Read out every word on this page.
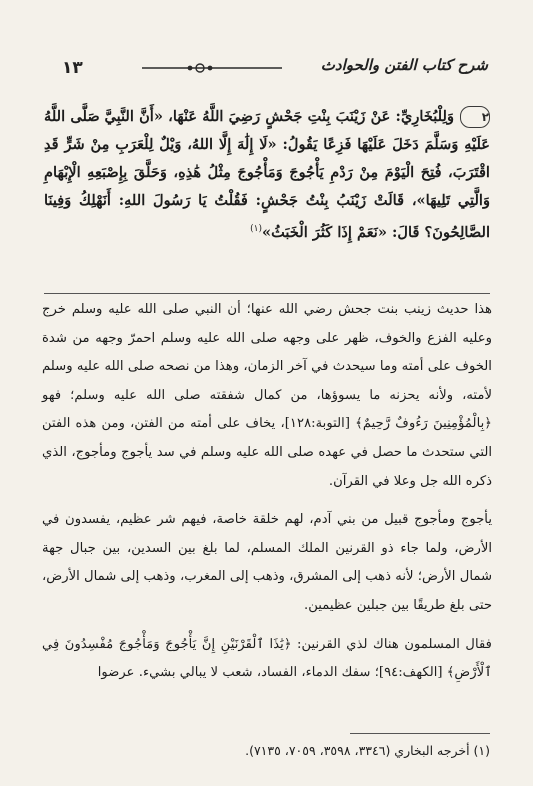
شرح كتاب الفتن والحوادث
١٣
٢وَلِلْبُخَارِيِّ: عَنْ زَيْنَبَ بِنْتِ جَحْشٍ رَضِيَ اللَّهُ عَنْهَا، «أَنَّ النَّبِيَّ صَلَّى اللَّهُ عَلَيْهِ وَسَلَّمَ دَخَلَ عَلَيْهَا فَزِعًا يَقُولُ: «لَا إِلَٰهَ إِلَّا اللهُ، وَيْلٌ لِلْعَرَبِ مِنْ شَرٍّ قَدِ اقْتَرَبَ، فُتِحَ الْيَوْمَ مِنْ رَدْمِ يَأْجُوجَ وَمَأْجُوجَ مِثْلُ هَٰذِهِ، وَحَلَّقَ بِإِصْبَعِهِ الْإِبْهَامِ وَالَّتِي تَلِيهَا»، قَالَتْ زَيْنَبُ بِنْتُ جَحْشٍ: فَقُلْتُ يَا رَسُولَ اللهِ: أَنَهْلِكُ وَفِينَا الصَّالِحُونَ؟ قَالَ: «نَعَمْ إِذَا كَثُرَ الْخَبَثُ»$^{(١)}$

هذا حديث زينب بنت جحش رضي الله عنها؛ أن النبي صلى الله عليه وسلم خرج وعليه الفزع والخوف، ظهر على وجهه صلى الله عليه وسلم احمرّ وجهه من شدة الخوف على أمته وما سيحدث في آخر الزمان، وهذا من نصحه صلى الله عليه وسلم لأمته، ولأنه يحزنه ما يسوؤها، من كمال شفقته صلى الله عليه وسلم؛ فهو ﴿بِالْمُؤْمِنِينَ رَءُوفٌ رَّحِيمٌ﴾ [التوبة:١٢٨]، يخاف على أمته من الفتن، ومن هذه الفتن التي ستحدث ما حصل في عهده صلى الله عليه وسلم في سد يأجوج ومأجوج، الذي ذكره الله جل وعلا في القرآن.

يأجوج ومأجوج قبيل من بني آدم، لهم خلقة خاصة، فيهم شر عظيم، يفسدون في الأرض، ولما جاء ذو القرنين الملك المسلم، لما بلغ بين السدين، بين جبال جهة شمال الأرض؛ لأنه ذهب إلى المشرق، وذهب إلى المغرب، وذهب إلى شمال الأرض، حتى بلغ طريقًا بين جبلين عظيمين.

فقال المسلمون هناك لذي القرنين: ﴿يَٰذَا ٱلْقَرْنَيْنِ إِنَّ يَأْجُوجَ وَمَأْجُوجَ مُفْسِدُونَ فِي ٱلْأَرْضِ﴾ [الكهف:٩٤]؛ سفك الدماء، الفساد، شعب لا يبالي بشيء. عرضوا

(١) أخرجه البخاري (٣٣٤٦، ٣٥٩٨، ٧٠٥٩، ٧١٣٥).
